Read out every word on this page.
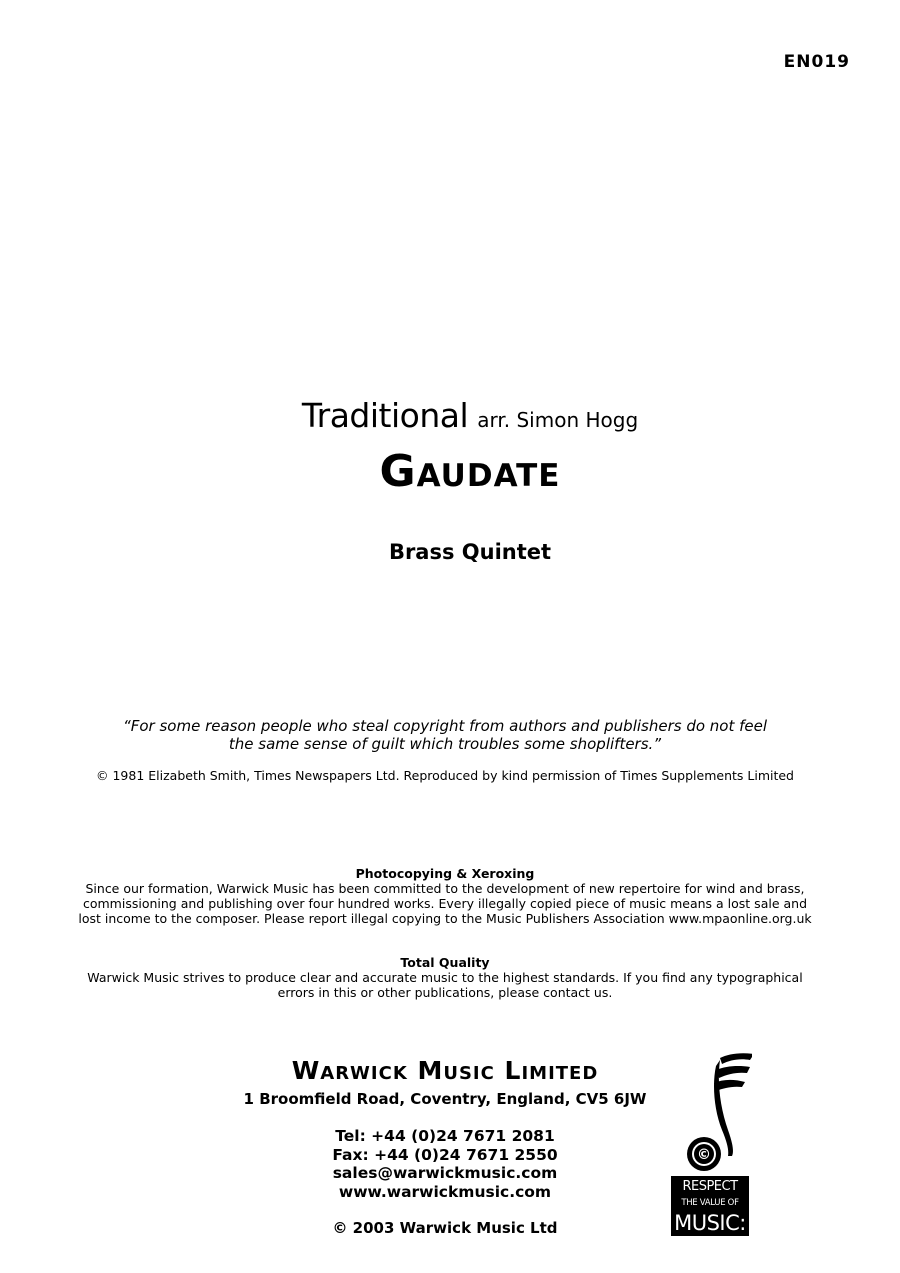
EN019
Traditional arr. Simon Hogg
Gaudate
Brass Quintet
“For some reason people who steal copyright from authors and publishers do not feel
the same sense of guilt which troubles some shoplifters.”
© 1981 Elizabeth Smith, Times Newspapers Ltd. Reproduced by kind permission of Times Supplements Limited
Photocopying & Xeroxing
Since our formation, Warwick Music has been committed to the development of new repertoire for wind and brass,
commissioning and publishing over four hundred works. Every illegally copied piece of music means a lost sale and
lost income to the composer. Please report illegal copying to the Music Publishers Association www.mpaonline.org.uk
Total Quality
Warwick Music strives to produce clear and accurate music to the highest standards. If you find any typographical
errors in this or other publications, please contact us.
Warwick Music Limited
1 Broomfield Road, Coventry, England, CV5 6JW
Tel: +44 (0)24 7671 2081
Fax: +44 (0)24 7671 2550
sales@warwickmusic.com
www.warwickmusic.com
© 2003 Warwick Music Ltd
©
RESPECT
THE VALUE OF
MUSIC:
